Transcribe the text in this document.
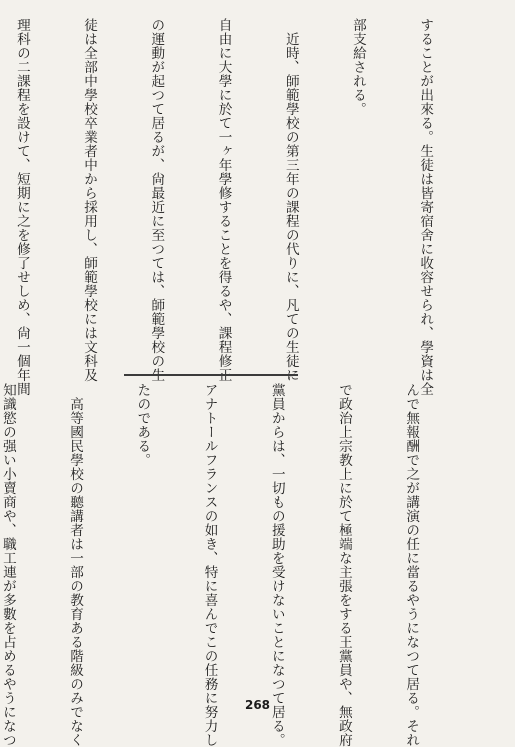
することが出來る。生徒は皆寄宿舍に收容せられ、學資は全

部支給される。

　近時、師範學校の第三年の課程の代りに、凡ての生徒に

自由に大學に於て一ヶ年學修することを得るや、課程修正

の運動が起つて居るが、尙最近に至つては、師範學校の生

徒は全部中學校卒業者中から採用し、師範學校には文科及

理科の二課程を設けて、短期に之を修了せしめ、尙一個年間

んで無報酬で之が講演の任に當るやうになつて居る。それ

で政治上宗教上に於て極端な主張をする王黨員や、無政府

黨員からは、一切もの援助を受けないことになつて居る。

アナトールフランスの如き、特に喜んでこの任務に努力し

たのである。

　高等國民學校の聽講者は一部の教育ある階級のみでなく

知識慾の强い小賣商や、職工連が多數を占めるやうになつ

	268
